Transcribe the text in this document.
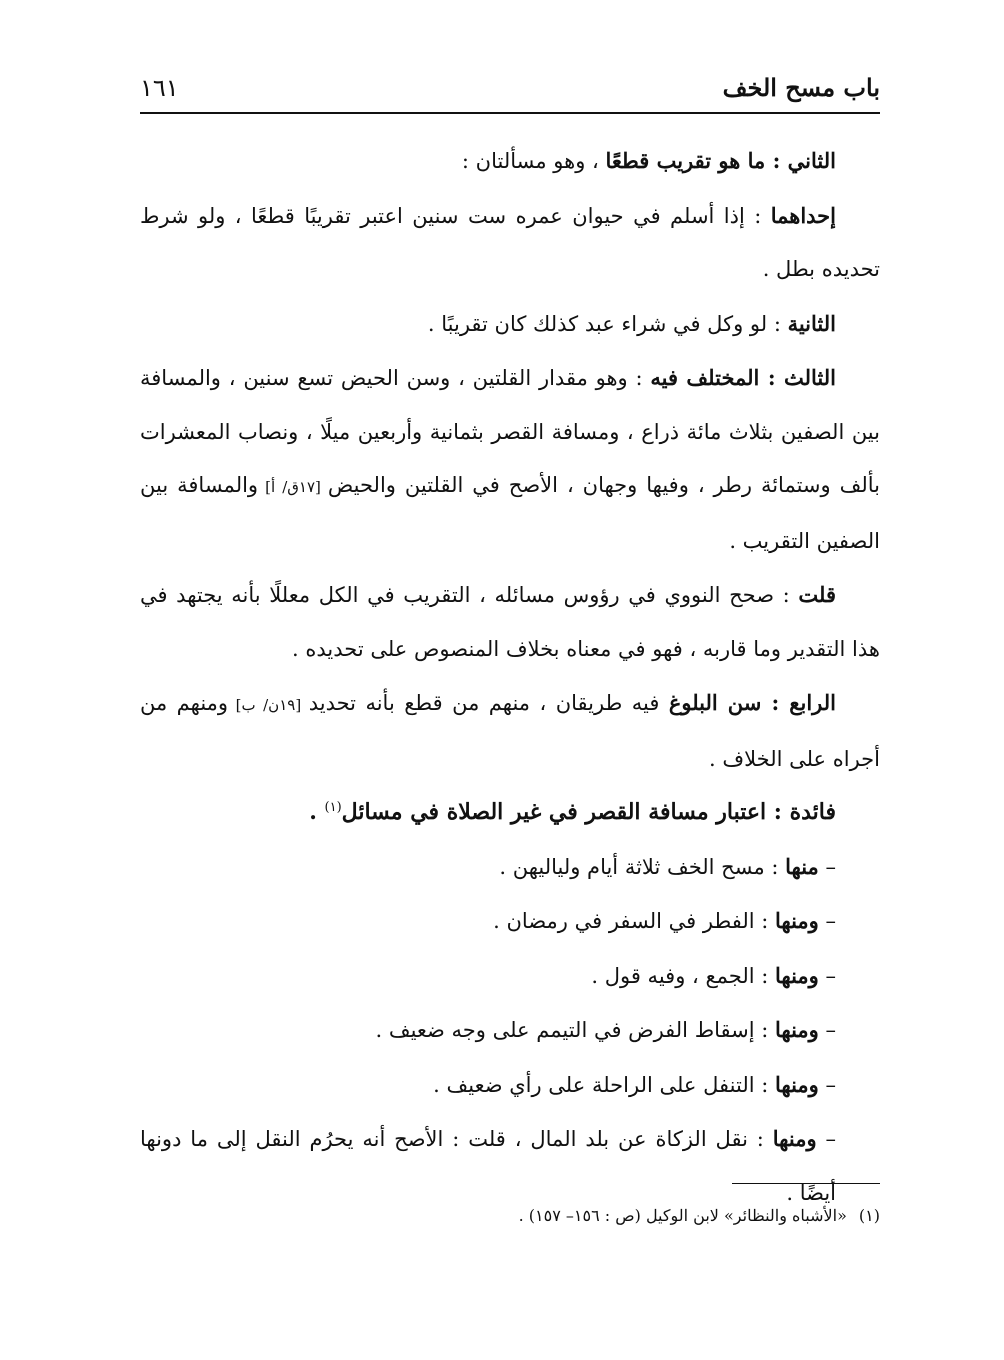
باب مسح الخف
١٦١

الثاني : ما هو تقريب قطعًا ، وهو مسألتان :

إحداهما : إذا أسلم في حيوان عمره ست سنين اعتبر تقريبًا قطعًا ، ولو شرط تحديده بطل .

الثانية : لو وكل في شراء عبد كذلك كان تقريبًا .

الثالث : المختلف فيه : وهو مقدار القلتين ، وسن الحيض تسع سنين ، والمسافة بين الصفين بثلاث مائة ذراع ، ومسافة القصر بثمانية وأربعين ميلًا ، ونصاب المعشرات بألف وستمائة رطر ، وفيها وجهان ، الأصح في القلتين والحيض [١٧ق/ أ] والمسافة بين الصفين التقريب .

قلت : صحح النووي في رؤوس مسائله ، التقريب في الكل معللًا بأنه يجتهد في هذا التقدير وما قاربه ، فهو في معناه بخلاف المنصوص على تحديده .

الرابع : سن البلوغ فيه طريقان ، منهم من قطع بأنه تحديد [١٩ن/ ب] ومنهم من أجراه على الخلاف .

فائدة : اعتبار مسافة القصر في غير الصلاة في مسائل$^{(١)}$ .

– منها : مسح الخف ثلاثة أيام ولياليهن .

– ومنها : الفطر في السفر في رمضان .

– ومنها : الجمع ، وفيه قول .

– ومنها : إسقاط الفرض في التيمم على وجه ضعيف .

– ومنها : التنفل على الراحلة على رأي ضعيف .

– ومنها : نقل الزكاة عن بلد المال ، قلت : الأصح أنه يحرُم النقل إلى ما دونها أيضًا .

(١)«الأشباه والنظائر» لابن الوكيل (ص : ١٥٦– ١٥٧) .
